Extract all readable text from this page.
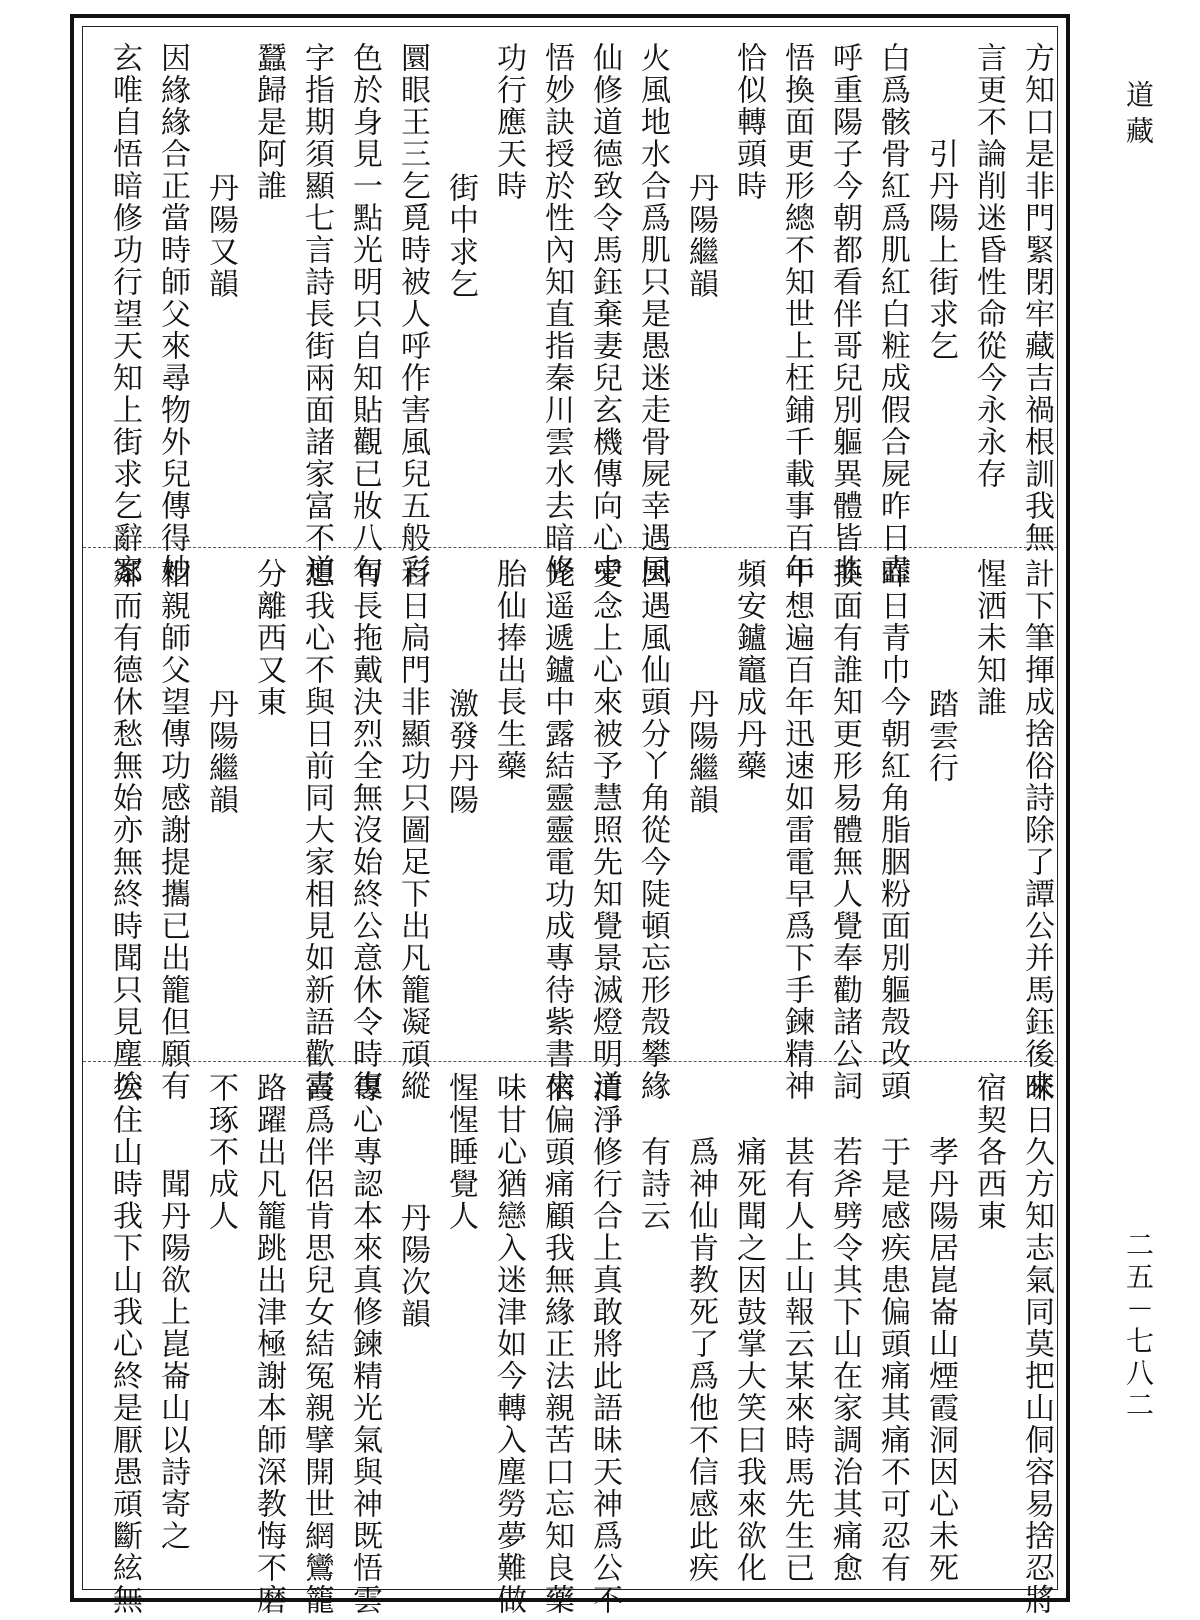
道藏
二五－七八二
方知口是非門緊閉牢藏吉禍根訓我無
言更不論削迷昏性命從今永永存
引丹陽上街求乞
白爲骸骨紅爲肌紅白粧成假合屍昨日盡
呼重陽子今朝都看伴哥兒別軀異體皆非
悟換面更形總不知世上枉鋪千載事百年
恰似轉頭時
丹陽繼韻
火風地水合爲肌只是愚迷走骨屍幸遇風
仙修道德致令馬鈺棄妻兒玄機傳向心中
悟妙訣授於性內知直指秦川雲水去暗修
功行應天時
街中求乞
圜眼王三乞覓時被人呼作害風兒五般彩
色於身見一點光明只自知貼觀已妝八句
字指期須顯七言詩長街兩面諸家富不道
蠶歸是阿誰
丹陽又韻
因緣緣合正當時師父來尋物外兒傳得妙
玄唯自悟暗修功行望天知上街求乞辭家
計下筆揮成捨俗詩除了譚公并馬鈺後來
惺洒未知誰
踏雲行
昨日青巾今朝紅角脂胭粉面別軀殼改頭
換面有誰知更形易體無人覺奉勸諸公詞
中想遍百年迅速如雷電早爲下手鍊精神
頻安鑪竈成丹藥
丹陽繼韻
因遇風仙頭分丫角從今陡頓忘形殼攀緣
愛念上心來被予慧照先知覺景滅燈明道
光遥遞鑪中露結靈靈電功成專待紫書來
胎仙捧出長生藥
激發丹陽
百日扃門非顯功只圖足下出凡籠凝頑縱
有長拖戴決烈全無沒始終公意休令時復
想我心不與日前同大家相見如新語歡喜
分離西又東
丹陽繼韻
相親師父望傳功感謝提攜已出籠但願有
鄰而有德休愁無始亦無終時聞只見塵埃
昧日久方知志氣同莫把山侗容易捨忍將
宿契各西東
孝丹陽居崑崙山煙霞洞因心未死
于是感疾患偏頭痛其痛不可忍有
若斧劈令其下山在家調治其痛愈
甚有人上山報云某來時馬先生已
痛死聞之因鼓掌大笑曰我來欲化
爲神仙肯教死了爲他不信感此疾
有詩云
清淨修行合上真敢將此語昧天神爲公不
信偏頭痛顧我無緣正法親苦口忘知良藥
味甘心猶戀入迷津如今轉入塵勞夢難做
惺惺睡覺人
丹陽次韻
專心專認本來真修鍊精光氣與神既悟雲
霞爲伴侶肯思兒女結冤親擘開世網鸞籠
路躍出凡籠跳出津極謝本師深教悔不磨
不琢不成人
聞丹陽欲上崑崙山以詩寄之
公住山時我下山我心終是厭愚頑斷絃無
